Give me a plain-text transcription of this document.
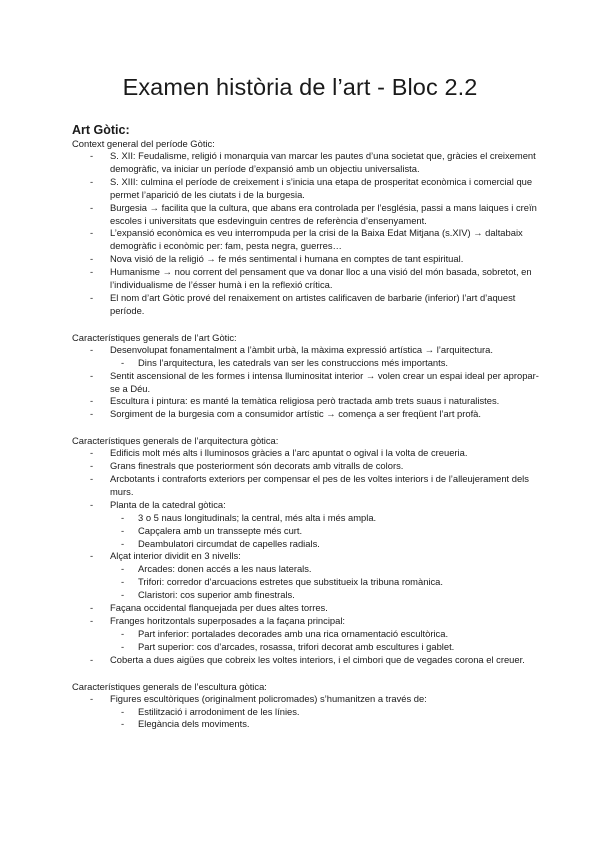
Examen història de l’art - Bloc 2.2
Art Gòtic:

Context general del període Gòtic:

- S. XII: Feudalisme, religió i monarquia van marcar les pautes d’una societat que, gràcies el creixement demogràfic, va iniciar un període d’expansió amb un objectiu universalista.
- S. XIII: culmina el període de creixement i s’inicia una etapa de prosperitat econòmica i comercial que permet l’aparició de les ciutats i de la burgesia.
- Burgesia → facilita que la cultura, que abans era controlada per l’església, passi a mans laiques i creïn escoles i universitats que esdevinguin centres de referència d’ensenyament.
- L’expansió econòmica es veu interrompuda per la crisi de la Baixa Edat Mitjana (s.XIV) → daltabaix demogràfic i econòmic per: fam, pesta negra, guerres…
- Nova visió de la religió → fe més sentimental i humana en comptes de tant espiritual.
- Humanisme → nou corrent del pensament que va donar lloc a una visió del món basada, sobretot, en l’individualisme de l’ésser humà i en la reflexió crítica.
- El nom d’art Gòtic prové del renaixement on artistes calificaven de barbarie (inferior) l’art d’aquest període.

Característiques generals de l’art Gòtic:

- Desenvolupat fonamentalment a l’àmbit urbà, la màxima expressió artística → l’arquitectura.
- Dins l’arquitectura, les catedrals van ser les construccions més importants.
- Sentit ascensional de les formes i intensa lluminositat interior → volen crear un espai ideal per apropar-se a Déu.
- Escultura i pintura: es manté la temàtica religiosa però tractada amb trets suaus i naturalistes.
- Sorgiment de la burgesia com a consumidor artístic → comença a ser freqüent l’art profà.

Característiques generals de l’arquitectura gòtica:

- Edificis molt més alts i lluminosos gràcies a l’arc apuntat o ogival i la volta de creueria.
- Grans finestrals que posteriorment són decorats amb vitralls de colors.
- Arcbotants i contraforts exteriors per compensar el pes de les voltes interiors i de l’alleujerament dels murs.
- Planta de la catedral gòtica:
- 3 o 5 naus longitudinals; la central, més alta i més ampla.
- Capçalera amb un transsepte més curt.
- Deambulatori circumdat de capelles radials.
- Alçat interior dividit en 3 nivells:
- Arcades: donen accés a les naus laterals.
- Trifori: corredor d’arcuacions estretes que substitueix la tribuna romànica.
- Claristori: cos superior amb finestrals.
- Façana occidental flanquejada per dues altes torres.
- Franges horitzontals superposades a la façana principal:
- Part inferior: portalades decorades amb una rica ornamentació escultòrica.
- Part superior: cos d’arcades, rosassa, trifori decorat amb escultures i gablet.
- Coberta a dues aigües que cobreix les voltes interiors, i el cimbori que de vegades corona el creuer.

Característiques generals de l’escultura gòtica:

- Figures escultòriques (originalment policromades) s’humanitzen a través de:
- Estilització i arrodoniment de les línies.
- Elegància dels moviments.
